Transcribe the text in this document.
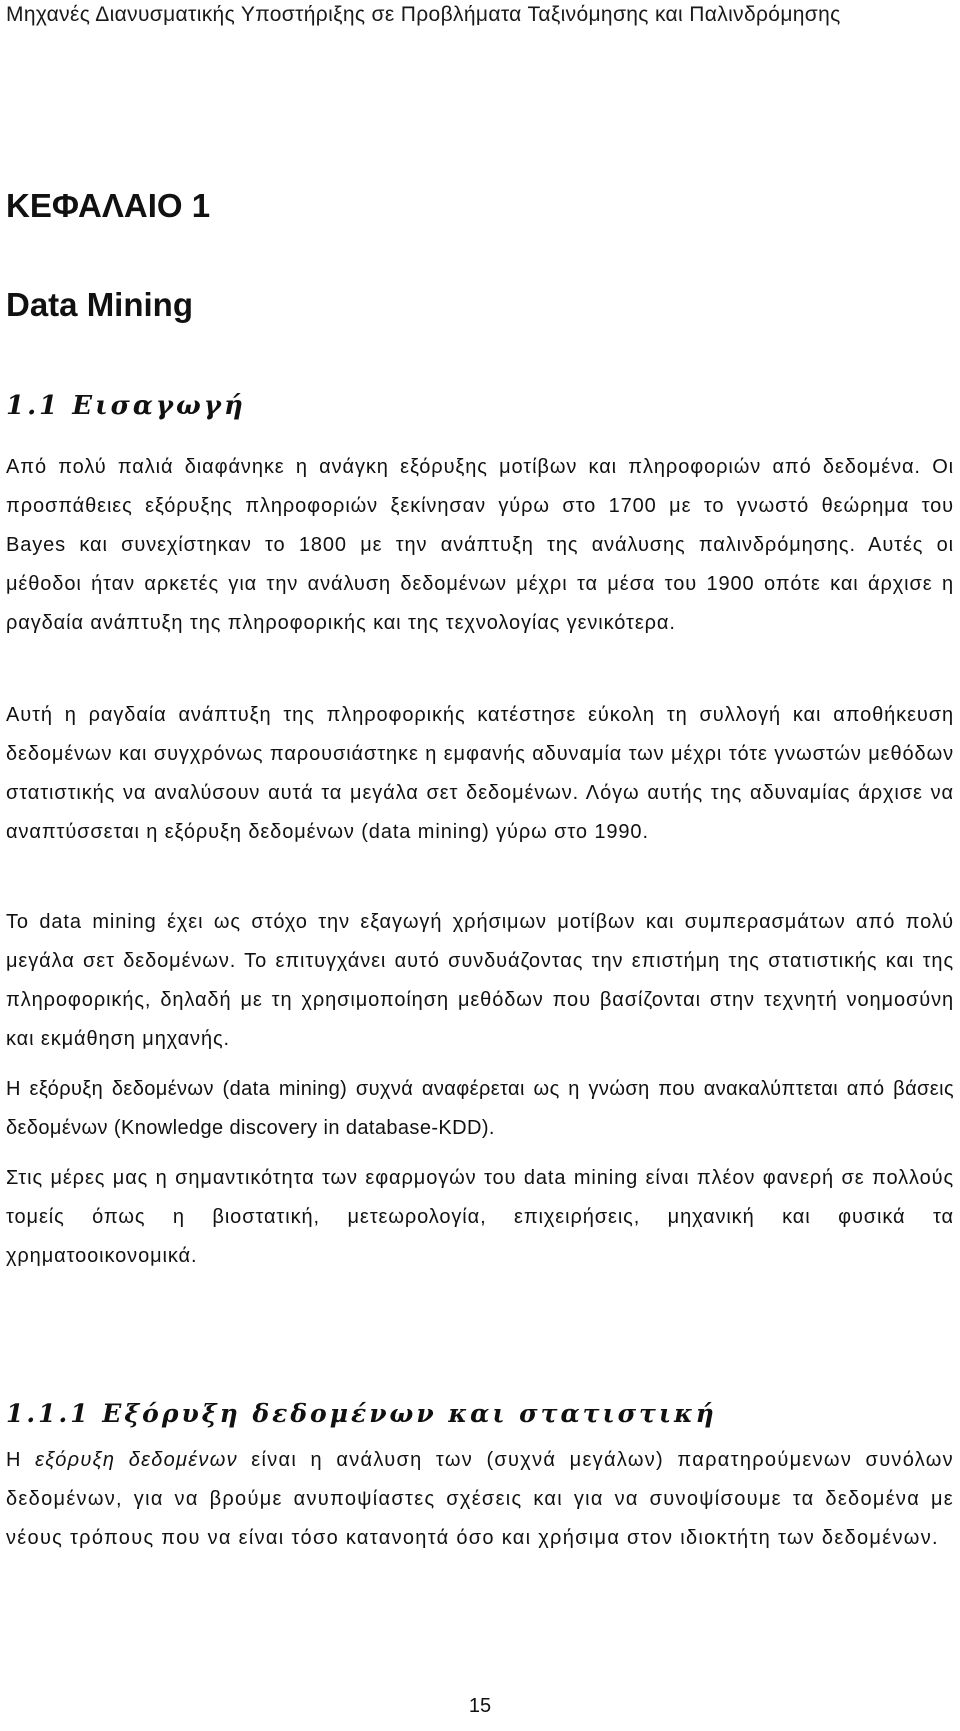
Μηχανές Διανυσματικής Υποστήριξης σε Προβλήματα Ταξινόμησης και Παλινδρόμησης
ΚΕΦΑΛΑΙΟ 1
Data Mining
1.1 Εισαγωγή
Από πολύ παλιά διαφάνηκε η ανάγκη εξόρυξης μοτίβων και πληροφοριών από δεδομένα. Οι προσπάθειες εξόρυξης πληροφοριών ξεκίνησαν γύρω στο 1700 με το γνωστό θεώρημα του Bayes και συνεχίστηκαν το 1800 με την ανάπτυξη της ανάλυσης παλινδρόμησης. Αυτές οι μέθοδοι ήταν αρκετές για την ανάλυση δεδομένων μέχρι τα μέσα του 1900 οπότε και άρχισε η ραγδαία ανάπτυξη της πληροφορικής και της τεχνολογίας γενικότερα.
Αυτή η ραγδαία ανάπτυξη της πληροφορικής κατέστησε εύκολη τη συλλογή και αποθήκευση δεδομένων και συγχρόνως παρουσιάστηκε η εμφανής αδυναμία των μέχρι τότε γνωστών μεθόδων στατιστικής να αναλύσουν αυτά τα μεγάλα σετ δεδομένων. Λόγω αυτής της αδυναμίας άρχισε να αναπτύσσεται η εξόρυξη δεδομένων (data mining) γύρω στο 1990.
Το data mining έχει ως στόχο την εξαγωγή χρήσιμων μοτίβων και συμπερασμάτων από πολύ μεγάλα σετ δεδομένων. Το επιτυγχάνει αυτό συνδυάζοντας την επιστήμη της στατιστικής και της πληροφορικής, δηλαδή με τη χρησιμοποίηση μεθόδων που βασίζονται στην τεχνητή νοημοσύνη και εκμάθηση μηχανής.
Η εξόρυξη δεδομένων (data mining) συχνά αναφέρεται ως η γνώση που ανακαλύπτεται από βάσεις δεδομένων (Knowledge discovery in database-KDD).
Στις μέρες μας η σημαντικότητα των εφαρμογών του data mining είναι πλέον φανερή σε πολλούς τομείς όπως η βιοστατική, μετεωρολογία, επιχειρήσεις, μηχανική και φυσικά τα χρηματοοικονομικά.
1.1.1 Εξόρυξη δεδομένων και στατιστική
Η εξόρυξη δεδομένων είναι η ανάλυση των (συχνά μεγάλων) παρατηρούμενων συνόλων δεδομένων, για να βρούμε ανυποψίαστες σχέσεις και για να συνοψίσουμε τα δεδομένα με νέους τρόπους που να είναι τόσο κατανοητά όσο και χρήσιμα στον ιδιοκτήτη των δεδομένων.
15
